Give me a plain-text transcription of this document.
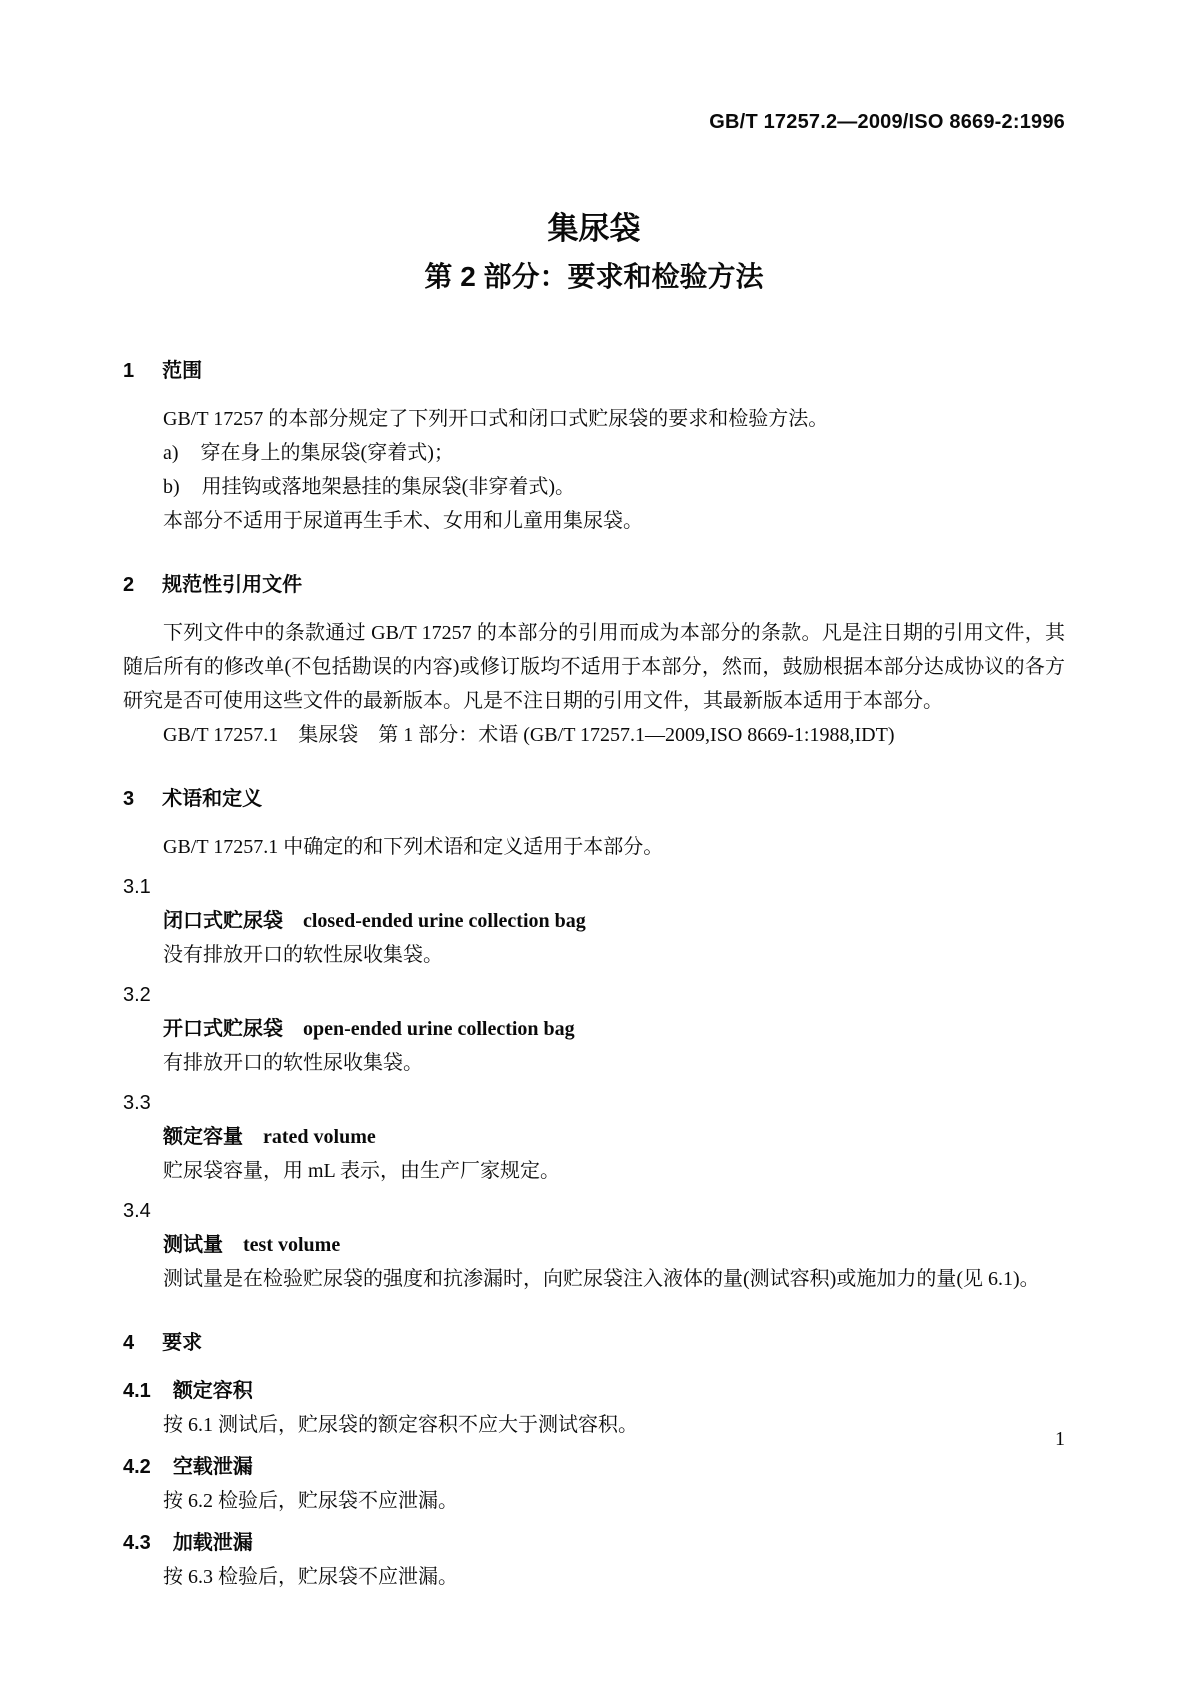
GB/T 17257.2—2009/ISO 8669-2:1996
集尿袋
第 2 部分：要求和检验方法
1 范围

GB/T 17257 的本部分规定了下列开口式和闭口式贮尿袋的要求和检验方法。

a) 穿在身上的集尿袋(穿着式)；

b) 用挂钩或落地架悬挂的集尿袋(非穿着式)。

本部分不适用于尿道再生手术、女用和儿童用集尿袋。

2 规范性引用文件

下列文件中的条款通过 GB/T 17257 的本部分的引用而成为本部分的条款。凡是注日期的引用文件，其随后所有的修改单(不包括勘误的内容)或修订版均不适用于本部分，然而，鼓励根据本部分达成协议的各方研究是否可使用这些文件的最新版本。凡是不注日期的引用文件，其最新版本适用于本部分。

GB/T 17257.1　集尿袋　第 1 部分：术语 (GB/T 17257.1—2009,ISO 8669-1:1988,IDT)

3 术语和定义

GB/T 17257.1 中确定的和下列术语和定义适用于本部分。

3.1

闭口式贮尿袋 closed-ended urine collection bag

没有排放开口的软性尿收集袋。

3.2

开口式贮尿袋 open-ended urine collection bag

有排放开口的软性尿收集袋。

3.3

额定容量 rated volume

贮尿袋容量，用 mL 表示，由生产厂家规定。

3.4

测试量 test volume

测试量是在检验贮尿袋的强度和抗渗漏时，向贮尿袋注入液体的量(测试容积)或施加力的量(见 6.1)。

4 要求

4.1 额定容积

按 6.1 测试后，贮尿袋的额定容积不应大于测试容积。

4.2 空载泄漏

按 6.2 检验后，贮尿袋不应泄漏。

4.3 加载泄漏

按 6.3 检验后，贮尿袋不应泄漏。

1
